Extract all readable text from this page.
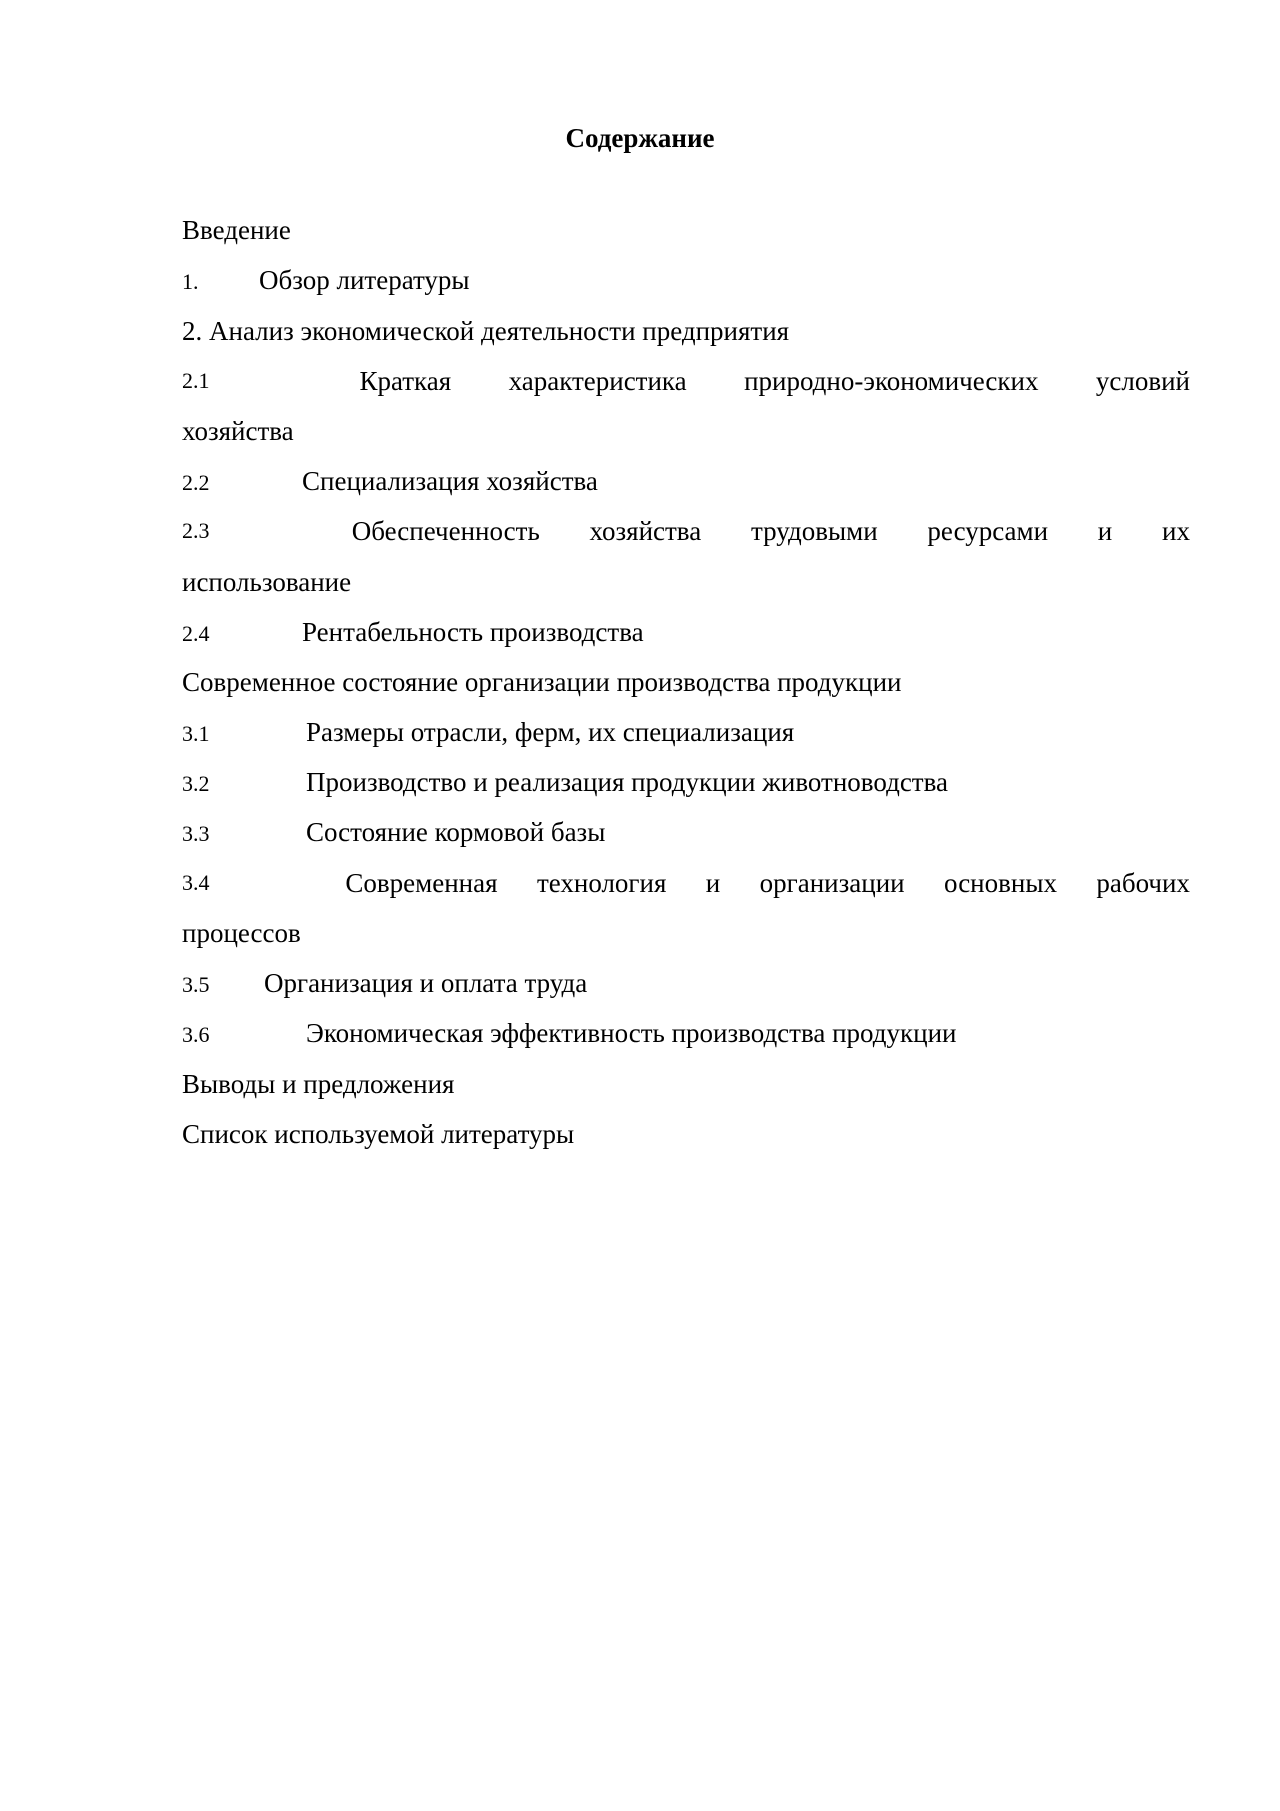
Содержание
Введение
1. Обзор литературы
2. Анализ экономической деятельности предприятия
2.1	Краткая характеристика природно-экономических условий
хозяйства
2.2	Специализация хозяйства
2.3	Обеспеченность хозяйства трудовыми ресурсами и их
использование
2.4	Рентабельность производства
Современное состояние организации производства продукции
3.1	Размеры отрасли, ферм, их специализация
3.2	Производство и реализация продукции животноводства
3.3	Состояние кормовой базы
3.4	Современная технология и организации основных рабочих
процессов
3.5 Организация и оплата труда
3.6	Экономическая эффективность производства продукции
Выводы и предложения
Список используемой литературы
